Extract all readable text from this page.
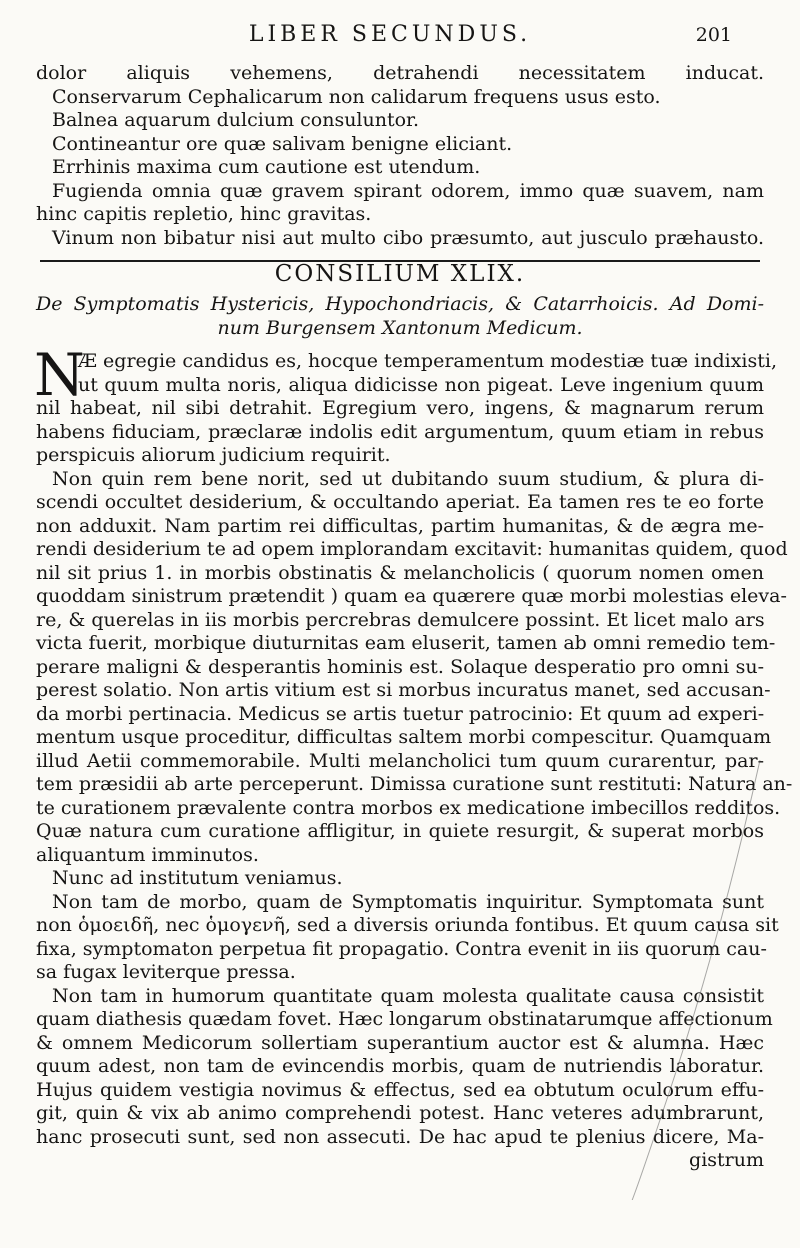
LIBER SECUNDUS.	201
dolor aliquis vehemens, detrahendi necessitatem inducat.
Conservarum Cephalicarum non calidarum frequens usus esto.
Balnea aquarum dulcium consuluntor.
Contineantur ore quæ salivam benigne eliciant.
Errhinis maxima cum cautione est utendum.
Fugienda omnia quæ gravem spirant odorem, immo quæ suavem, nam
hinc capitis repletio, hinc gravitas.
Vinum non bibatur nisi aut multo cibo præsumto, aut jusculo præhausto.
CONSILIUM XLIX.
De Symptomatis Hystericis, Hypochondriacis, & Catarrhoicis. Ad Domi-
num Burgensem Xantonum Medicum.
N
Æ egregie candidus es, hocque temperamentum modestiæ tuæ indixisti,
ut quum multa noris, aliqua didicisse non pigeat. Leve ingenium quum
nil habeat, nil sibi detrahit. Egregium vero, ingens, & magnarum rerum
habens fiduciam, præclaræ indolis edit argumentum, quum etiam in rebus
perspicuis aliorum judicium requirit.
Non quin rem bene norit, sed ut dubitando suum studium, & plura di-
scendi occultet desiderium, & occultando aperiat. Ea tamen res te eo forte
non adduxit. Nam partim rei difficultas, partim humanitas, & de ægra me-
rendi desiderium te ad opem implorandam excitavit: humanitas quidem, quod
nil sit prius 1. in morbis obstinatis & melancholicis ( quorum nomen omen
quoddam sinistrum prætendit ) quam ea quærere quæ morbi molestias eleva-
re, & querelas in iis morbis percrebras demulcere possint. Et licet malo ars
victa fuerit, morbique diuturnitas eam eluserit, tamen ab omni remedio tem-
perare maligni & desperantis hominis est. Solaque desperatio pro omni su-
perest solatio. Non artis vitium est si morbus incuratus manet, sed accusan-
da morbi pertinacia. Medicus se artis tuetur patrocinio: Et quum ad experi-
mentum usque proceditur, difficultas saltem morbi compescitur. Quamquam
illud Aetii commemorabile. Multi melancholici tum quum curarentur, par-
tem præsidii ab arte perceperunt. Dimissa curatione sunt restituti: Natura an-
te curationem prævalente contra morbos ex medicatione imbecillos redditos.
Quæ natura cum curatione affligitur, in quiete resurgit, & superat morbos
aliquantum imminutos.
Nunc ad institutum veniamus.
Non tam de morbo, quam de Symptomatis inquiritur. Symptomata sunt
non ὁμοειδῆ, nec ὁμογενῆ, sed a diversis oriunda fontibus. Et quum causa sit
fixa, symptomaton perpetua fit propagatio. Contra evenit in iis quorum cau-
sa fugax leviterque pressa.
Non tam in humorum quantitate quam molesta qualitate causa consistit
quam diathesis quædam fovet. Hæc longarum obstinatarumque affectionum
& omnem Medicorum sollertiam superantium auctor est & alumna. Hæc
quum adest, non tam de evincendis morbis, quam de nutriendis laboratur.
Hujus quidem vestigia novimus & effectus, sed ea obtutum oculorum effu-
git, quin & vix ab animo comprehendi potest. Hanc veteres adumbrarunt,
hanc prosecuti sunt, sed non assecuti. De hac apud te plenius dicere, Ma-
gistrum
